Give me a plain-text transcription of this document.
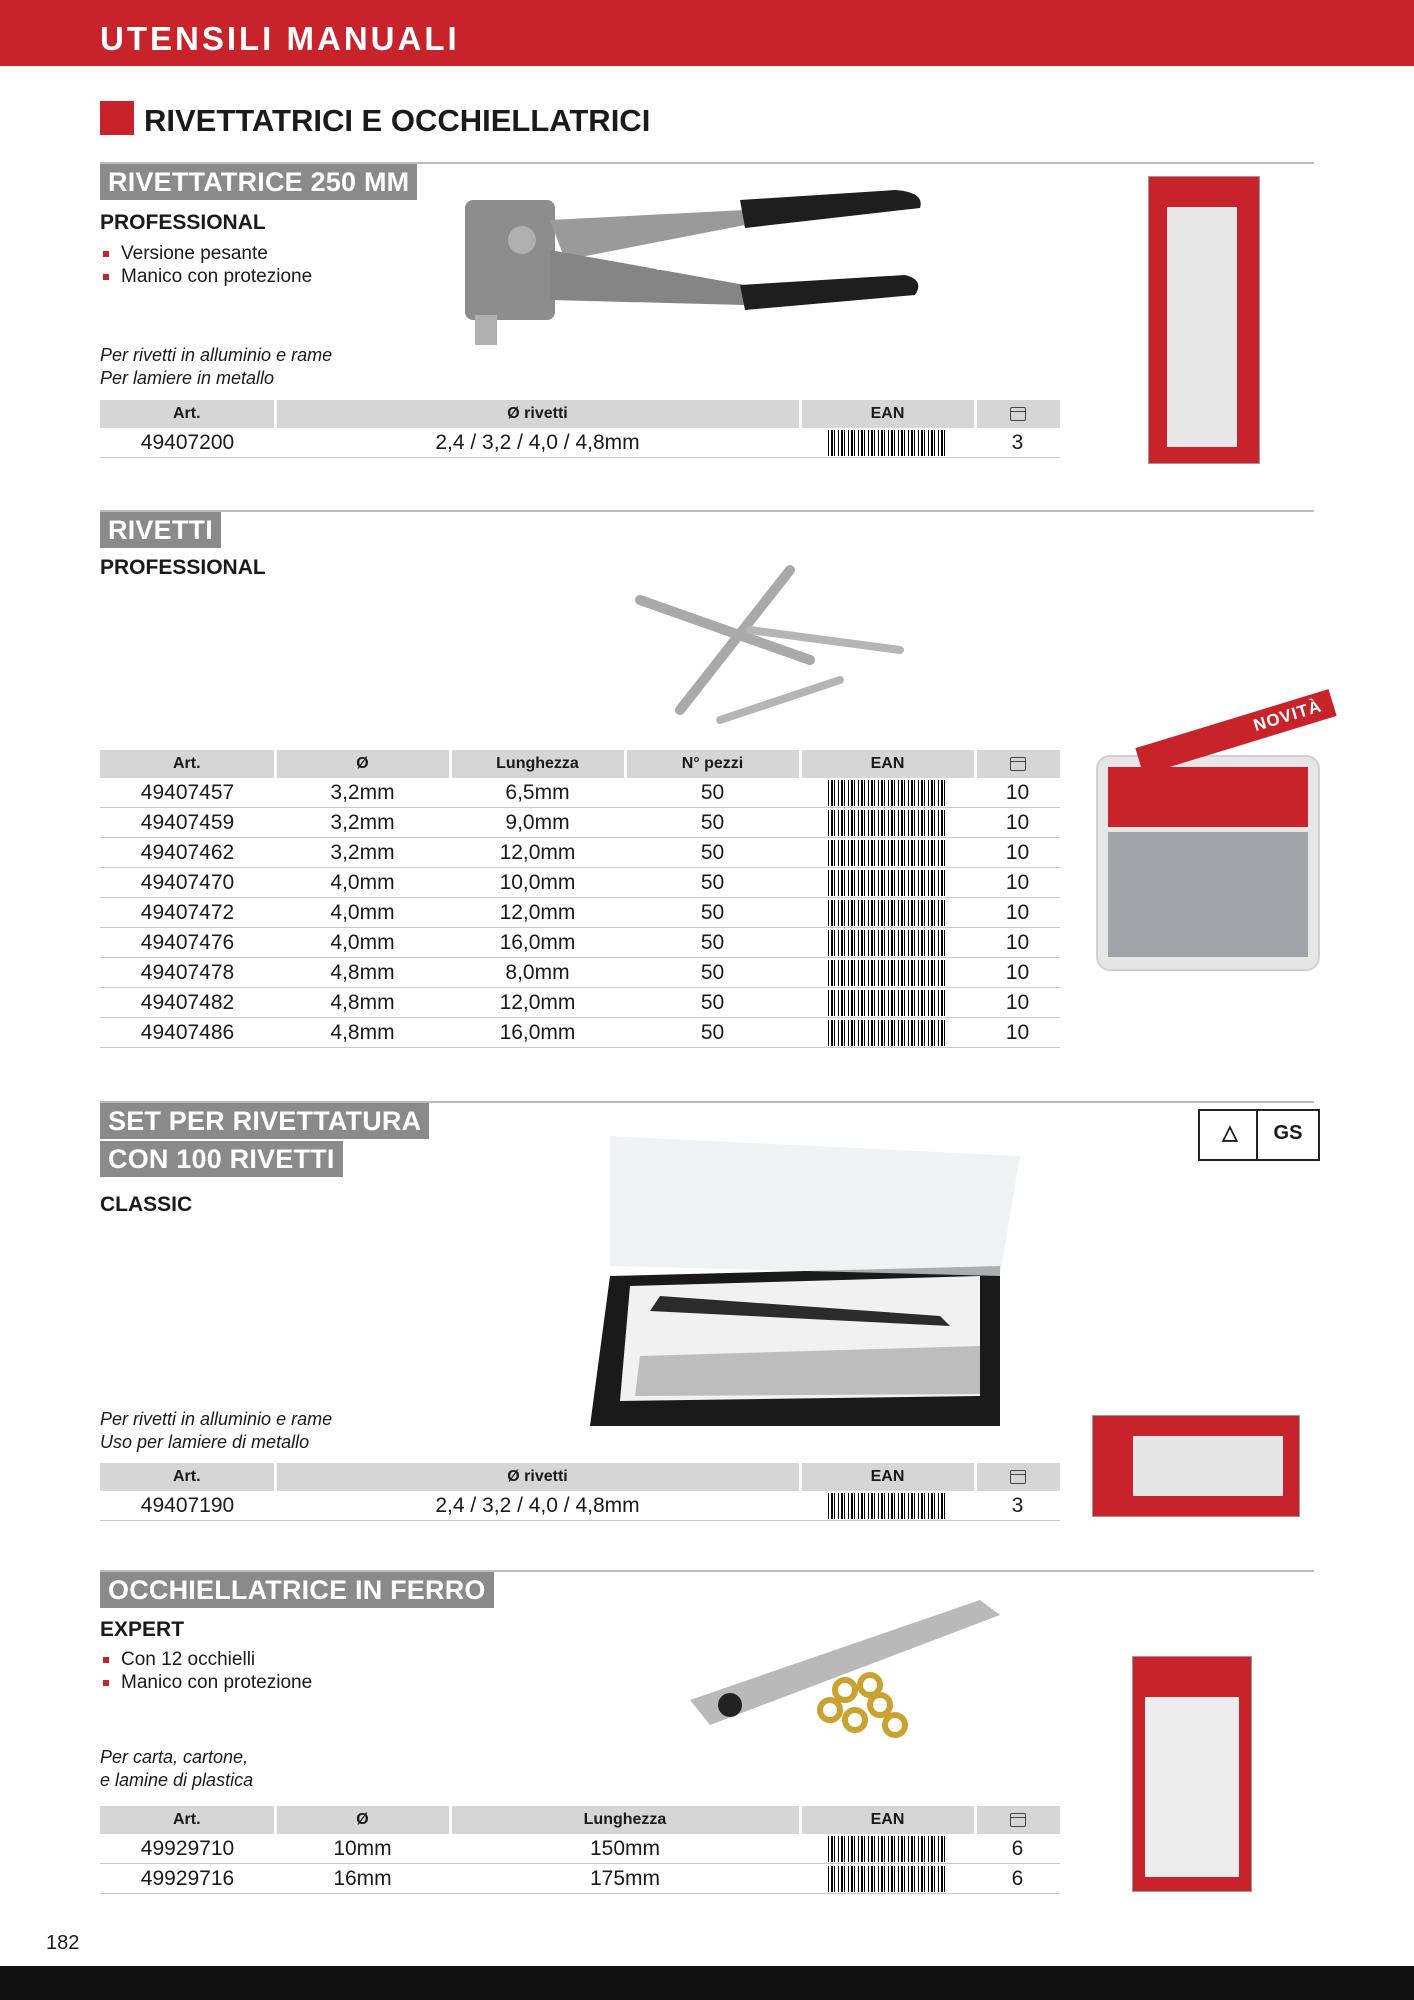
UTENSILI MANUALI
RIVETTATRICI E OCCHIELLATRICI
RIVETTATRICE 250 MM
PROFESSIONAL
Versione pesante
Manico con protezione
Per rivetti in alluminio e rame
Per lamiere in metallo
Art.	Ø rivetti	EAN	
49407200	2,4 / 3,2 / 4,0 / 4,8mm		3
kwb
RIVETTI
PROFESSIONAL
NOVITÀ
Art.	Ø	Lunghezza	N° pezzi	EAN	
49407457	3,2mm	6,5mm	50		10
49407459	3,2mm	9,0mm	50		10
49407462	3,2mm	12,0mm	50		10
49407470	4,0mm	10,0mm	50		10
49407472	4,0mm	12,0mm	50		10
49407476	4,0mm	16,0mm	50		10
49407478	4,8mm	8,0mm	50		10
49407482	4,8mm	12,0mm	50		10
49407486	4,8mm	16,0mm	50		10
SET PER RIVETTATURA
CON 100 RIVETTI
CLASSIC
△	GS
Per rivetti in alluminio e rame
Uso per lamiere di metallo
Art.	Ø rivetti	EAN	
49407190	2,4 / 3,2 / 4,0 / 4,8mm		3
OCCHIELLATRICE IN FERRO
EXPERT
Con 12 occhielli
Manico con protezione
Per carta, cartone,
e lamine di plastica
Art.	Ø	Lunghezza	EAN	
49929710	10mm	150mm		6
49929716	16mm	175mm		6
182
